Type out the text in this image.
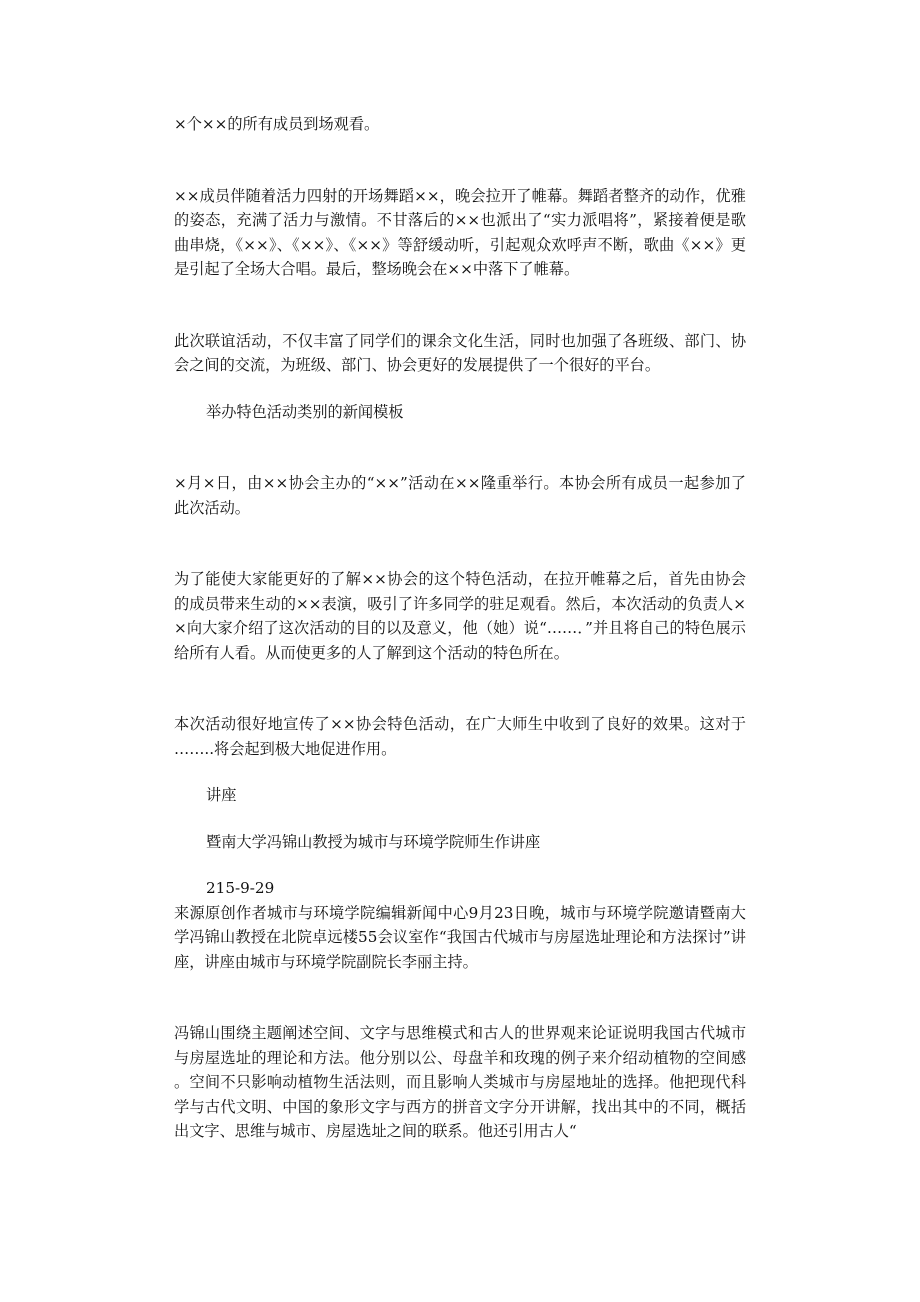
×个××的所有成员到场观看。

××成员伴随着活力四射的开场舞蹈××，晚会拉开了帷幕。舞蹈者整齐的动作，优雅的姿态，充满了活力与激情。不甘落后的××也派出了“实力派唱将”，紧接着便是歌曲串烧，《××》、《××》、《××》等舒缓动听，引起观众欢呼声不断，歌曲《××》更是引起了全场大合唱。最后，整场晚会在××中落下了帷幕。

此次联谊活动，不仅丰富了同学们的课余文化生活，同时也加强了各班级、部门、协会之间的交流，为班级、部门、协会更好的发展提供了一个很好的平台。

举办特色活动类别的新闻模板

×月×日，由××协会主办的“××”活动在××隆重举行。本协会所有成员一起参加了此次活动。

为了能使大家能更好的了解××协会的这个特色活动，在拉开帷幕之后，首先由协会的成员带来生动的××表演，吸引了许多同学的驻足观看。然后，本次活动的负责人××向大家介绍了这次活动的目的以及意义，他（她）说“……．”并且将自己的特色展示给所有人看。从而使更多的人了解到这个活动的特色所在。

本次活动很好地宣传了××协会特色活动，在广大师生中收到了良好的效果。这对于……..将会起到极大地促进作用。

讲座

暨南大学冯锦山教授为城市与环境学院师生作讲座

215-9-29

来源原创作者城市与环境学院编辑新闻中心9月23日晚，城市与环境学院邀请暨南大学冯锦山教授在北院卓远楼55会议室作“我国古代城市与房屋选址理论和方法探讨”讲座，讲座由城市与环境学院副院长李丽主持。

冯锦山围绕主题阐述空间、文字与思维模式和古人的世界观来论证说明我国古代城市与房屋选址的理论和方法。他分别以公、母盘羊和玫瑰的例子来介绍动植物的空间感。空间不只影响动植物生活法则，而且影响人类城市与房屋地址的选择。他把现代科学与古代文明、中国的象形文字与西方的拼音文字分开讲解，找出其中的不同，概括出文字、思维与城市、房屋选址之间的联系。他还引用古人“
